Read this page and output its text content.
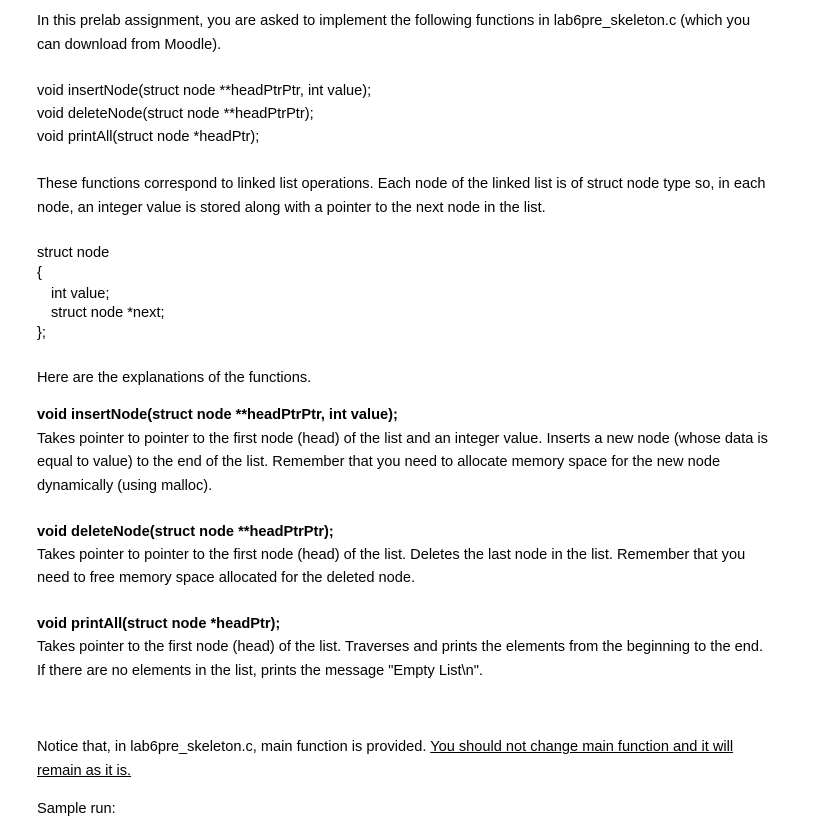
In this prelab assignment, you are asked to implement the following functions in lab6pre_skeleton.c (which you
can download from Moodle).
void insertNode(struct node **headPtrPtr, int value);
void deleteNode(struct node **headPtrPtr);
void printAll(struct node *headPtr);
These functions correspond to linked list operations. Each node of the linked list is of struct node type so, in each
node, an integer value is stored along with a pointer to the next node in the list.
struct node
{
int value;
struct node *next;
};
Here are the explanations of the functions.
void insertNode(struct node **headPtrPtr, int value);
Takes pointer to pointer to the first node (head) of the list and an integer value. Inserts a new node (whose data is
equal to value) to the end of the list. Remember that you need to allocate memory space for the new node
dynamically (using malloc).
void deleteNode(struct node **headPtrPtr);
Takes pointer to pointer to the first node (head) of the list. Deletes the last node in the list. Remember that you
need to free memory space allocated for the deleted node.
void printAll(struct node *headPtr);
Takes pointer to the first node (head) of the list. Traverses and prints the elements from the beginning to the end.
If there are no elements in the list, prints the message "Empty List\n".
Notice that, in lab6pre_skeleton.c, main function is provided. You should not change main function and it will
remain as it is.
Sample run:
